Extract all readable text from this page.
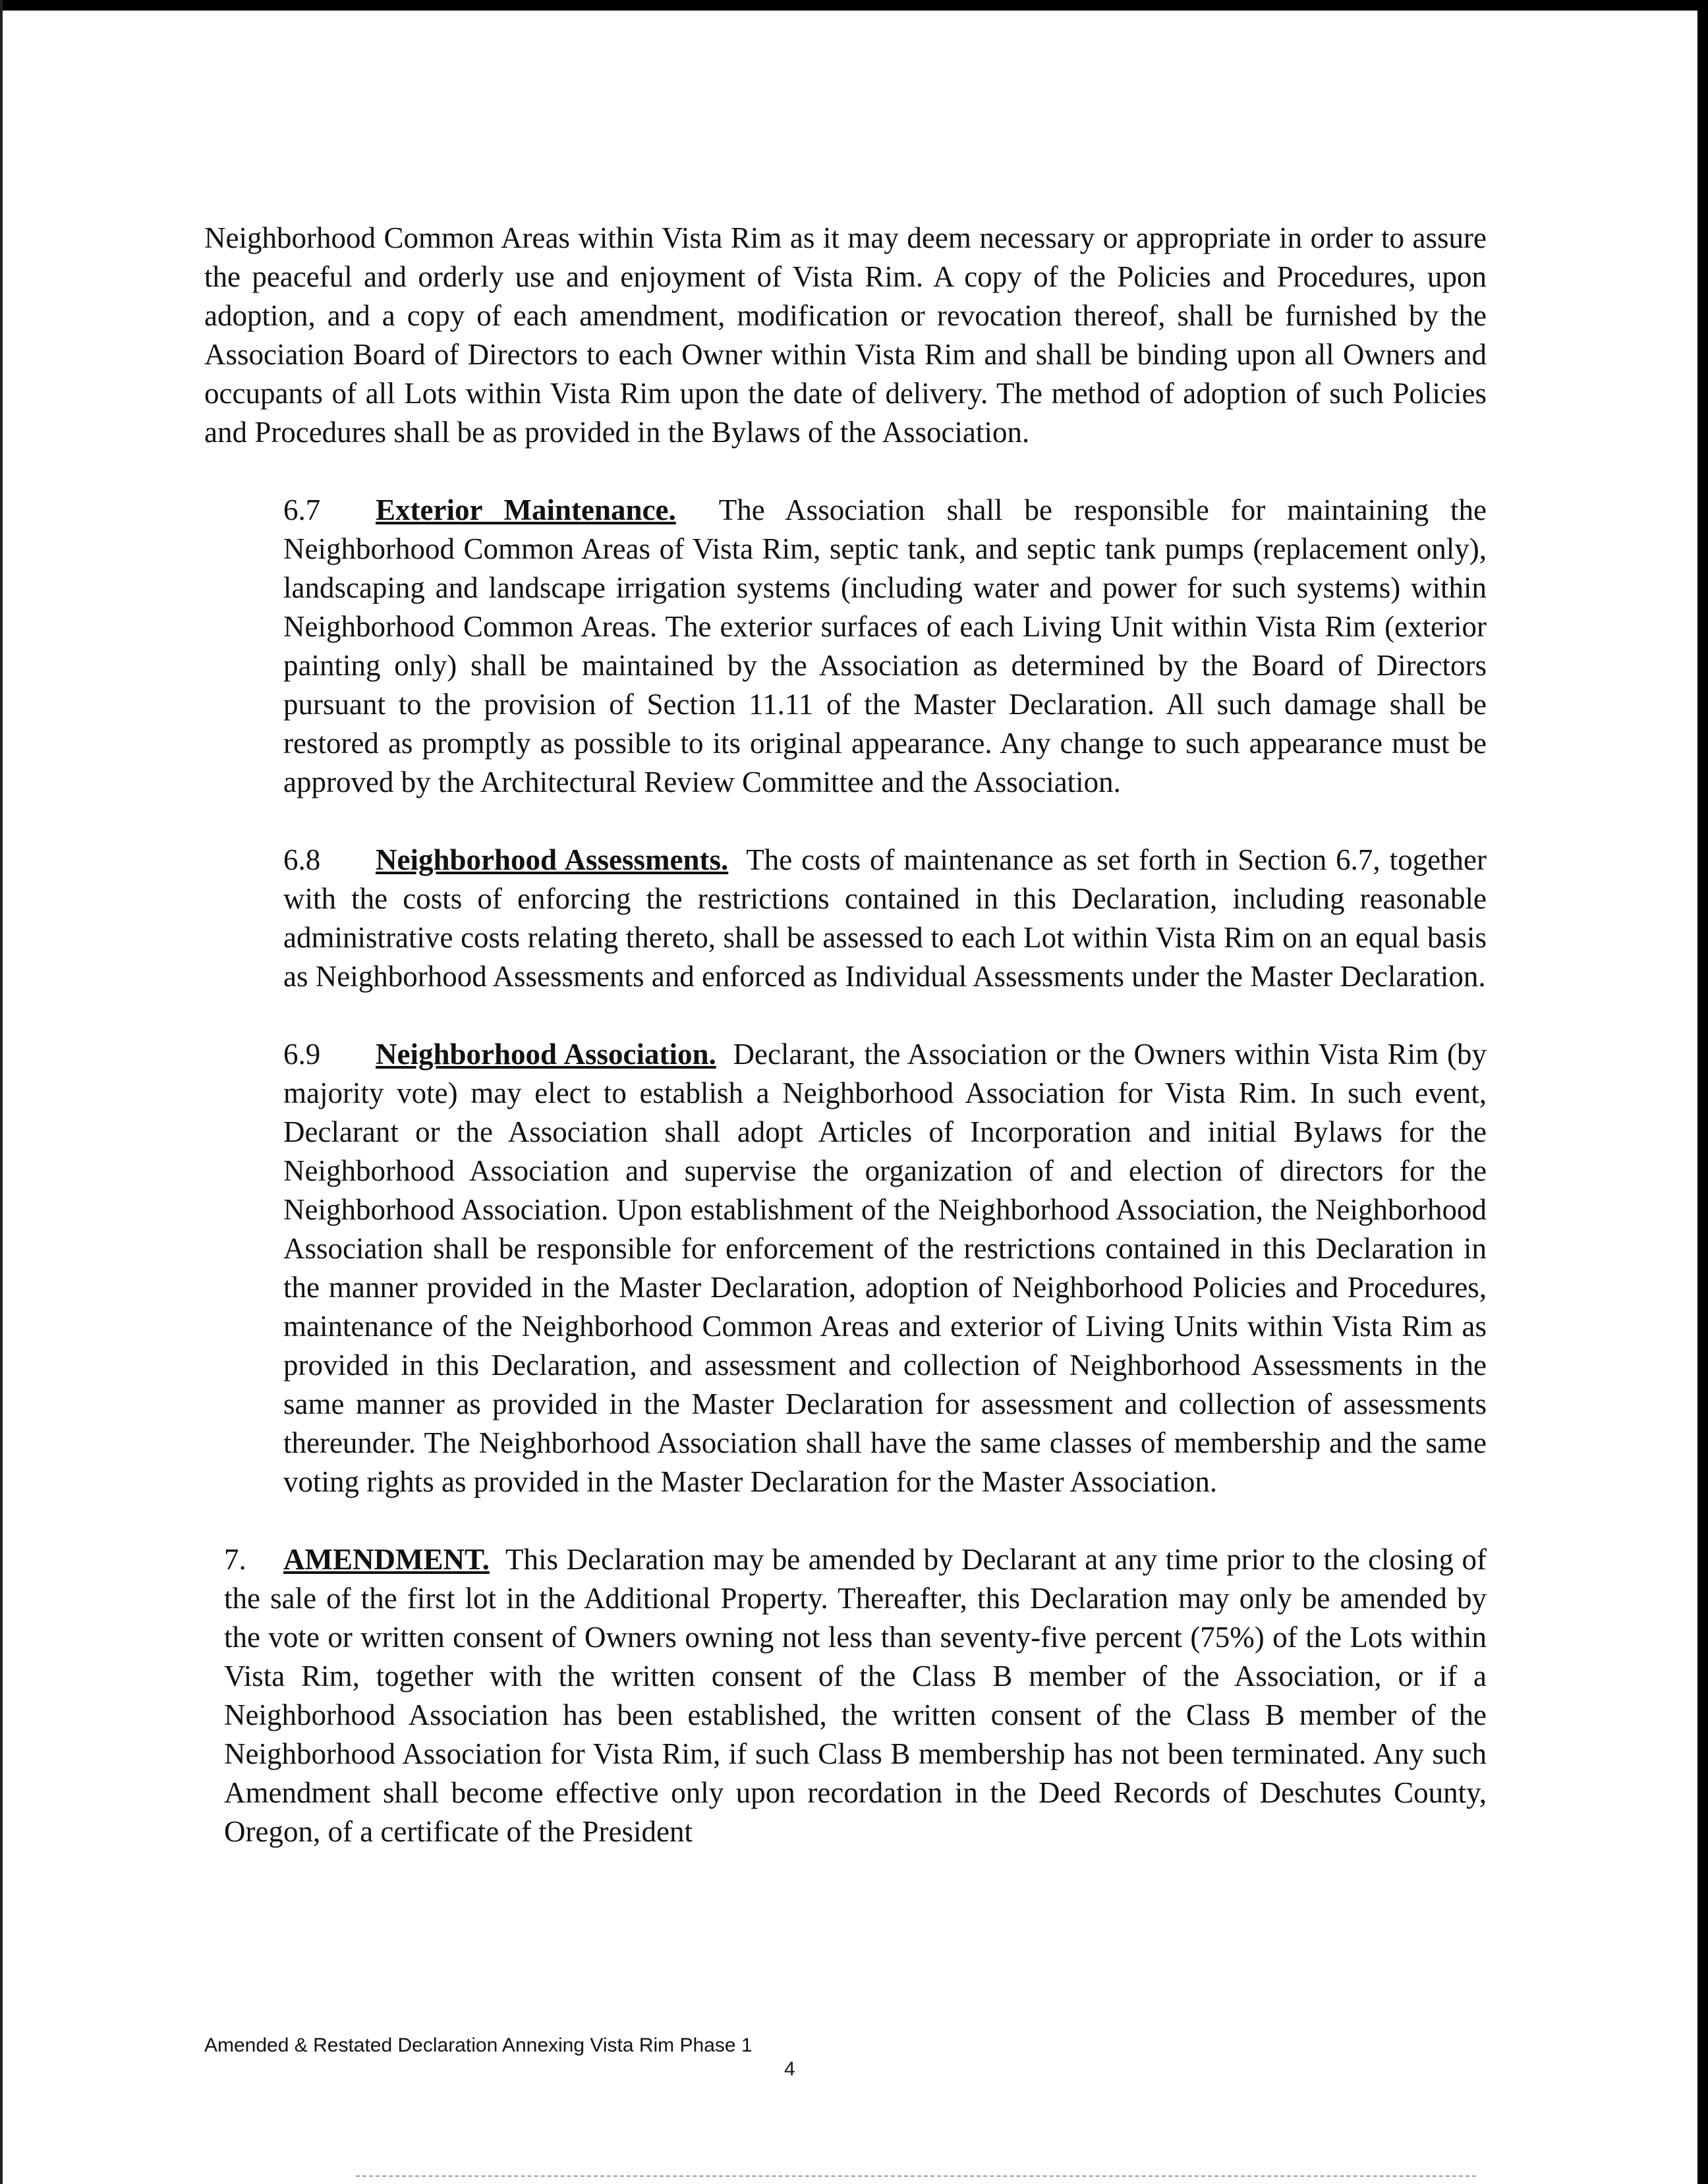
Neighborhood Common Areas within Vista Rim as it may deem necessary or appropriate in order to assure the peaceful and orderly use and enjoyment of Vista Rim. A copy of the Policies and Procedures, upon adoption, and a copy of each amendment, modification or revocation thereof, shall be furnished by the Association Board of Directors to each Owner within Vista Rim and shall be binding upon all Owners and occupants of all Lots within Vista Rim upon the date of delivery. The method of adoption of such Policies and Procedures shall be as provided in the Bylaws of the Association.

6.7 Exterior Maintenance. The Association shall be responsible for maintaining the Neighborhood Common Areas of Vista Rim, septic tank, and septic tank pumps (replacement only), landscaping and landscape irrigation systems (including water and power for such systems) within Neighborhood Common Areas. The exterior surfaces of each Living Unit within Vista Rim (exterior painting only) shall be maintained by the Association as determined by the Board of Directors pursuant to the provision of Section 11.11 of the Master Declaration. All such damage shall be restored as promptly as possible to its original appearance. Any change to such appearance must be approved by the Architectural Review Committee and the Association.

6.8 Neighborhood Assessments. The costs of maintenance as set forth in Section 6.7, together with the costs of enforcing the restrictions contained in this Declaration, including reasonable administrative costs relating thereto, shall be assessed to each Lot within Vista Rim on an equal basis as Neighborhood Assessments and enforced as Individual Assessments under the Master Declaration.

6.9 Neighborhood Association. Declarant, the Association or the Owners within Vista Rim (by majority vote) may elect to establish a Neighborhood Association for Vista Rim. In such event, Declarant or the Association shall adopt Articles of Incorporation and initial Bylaws for the Neighborhood Association and supervise the organization of and election of directors for the Neighborhood Association. Upon establishment of the Neighborhood Association, the Neighborhood Association shall be responsible for enforcement of the restrictions contained in this Declaration in the manner provided in the Master Declaration, adoption of Neighborhood Policies and Procedures, maintenance of the Neighborhood Common Areas and exterior of Living Units within Vista Rim as provided in this Declaration, and assessment and collection of Neighborhood Assessments in the same manner as provided in the Master Declaration for assessment and collection of assessments thereunder. The Neighborhood Association shall have the same classes of membership and the same voting rights as provided in the Master Declaration for the Master Association.

7. AMENDMENT. This Declaration may be amended by Declarant at any time prior to the closing of the sale of the first lot in the Additional Property. Thereafter, this Declaration may only be amended by the vote or written consent of Owners owning not less than seventy-five percent (75%) of the Lots within Vista Rim, together with the written consent of the Class B member of the Association, or if a Neighborhood Association has been established, the written consent of the Class B member of the Neighborhood Association for Vista Rim, if such Class B membership has not been terminated. Any such Amendment shall become effective only upon recordation in the Deed Records of Deschutes County, Oregon, of a certificate of the President

Amended & Restated Declaration Annexing Vista Rim Phase 1
4
